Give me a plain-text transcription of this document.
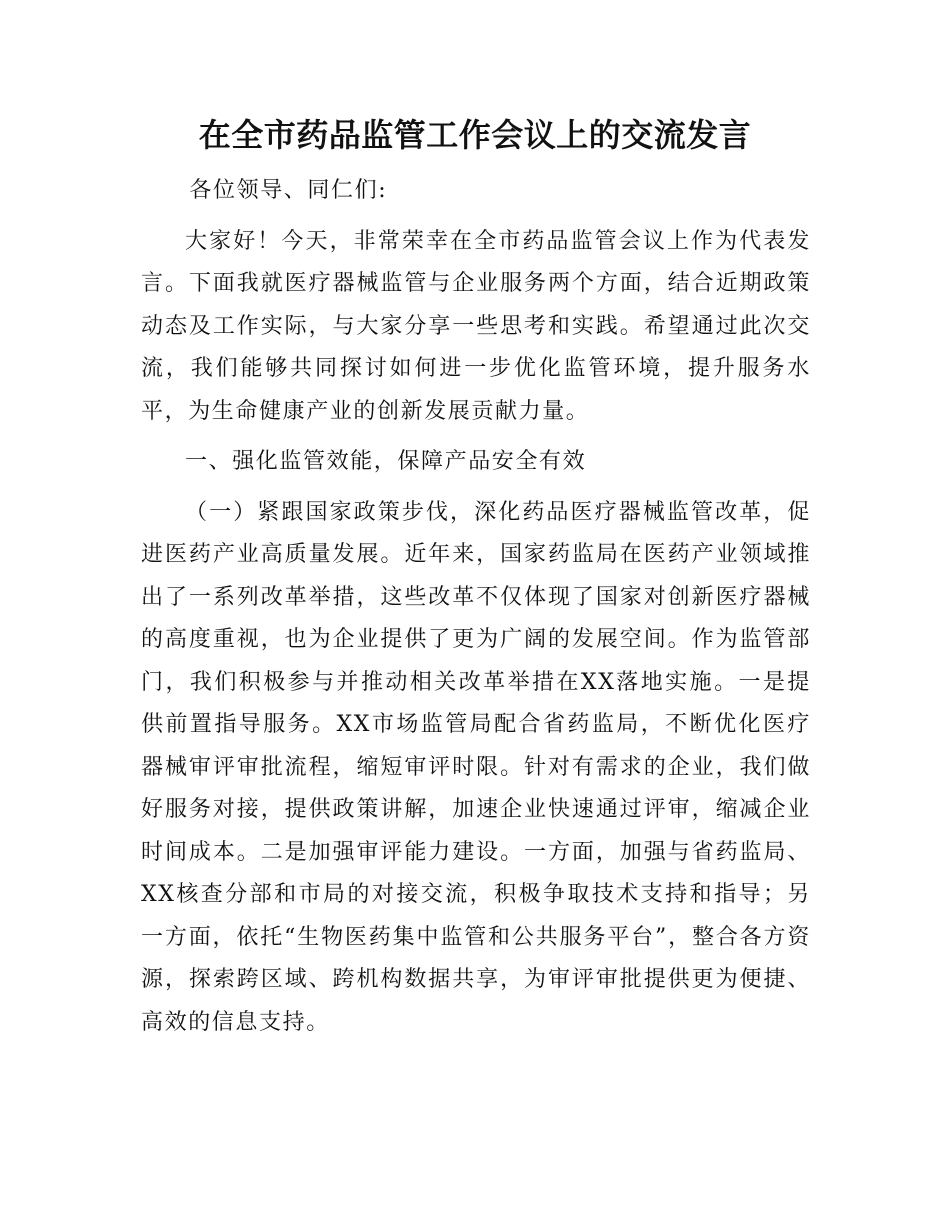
在全市药品监管工作会议上的交流发言

各位领导、同仁们:

大家好！今天，非常荣幸在全市药品监管会议上作为代表发言。下面我就医疗器械监管与企业服务两个方面，结合近期政策动态及工作实际，与大家分享一些思考和实践。希望通过此次交流，我们能够共同探讨如何进一步优化监管环境，提升服务水平，为生命健康产业的创新发展贡献力量。

一、强化监管效能，保障产品安全有效

（一）紧跟国家政策步伐，深化药品医疗器械监管改革，促进医药产业高质量发展。近年来，国家药监局在医药产业领域推出了一系列改革举措，这些改革不仅体现了国家对创新医疗器械的高度重视，也为企业提供了更为广阔的发展空间。作为监管部门，我们积极参与并推动相关改革举措在XX落地实施。一是提供前置指导服务。XX市场监管局配合省药监局，不断优化医疗器械审评审批流程，缩短审评时限。针对有需求的企业，我们做好服务对接，提供政策讲解，加速企业快速通过评审，缩减企业时间成本。二是加强审评能力建设。一方面，加强与省药监局、XX核查分部和市局的对接交流，积极争取技术支持和指导；另一方面，依托“生物医药集中监管和公共服务平台”，整合各方资源，探索跨区域、跨机构数据共享，为审评审批提供更为便捷、高效的信息支持。
